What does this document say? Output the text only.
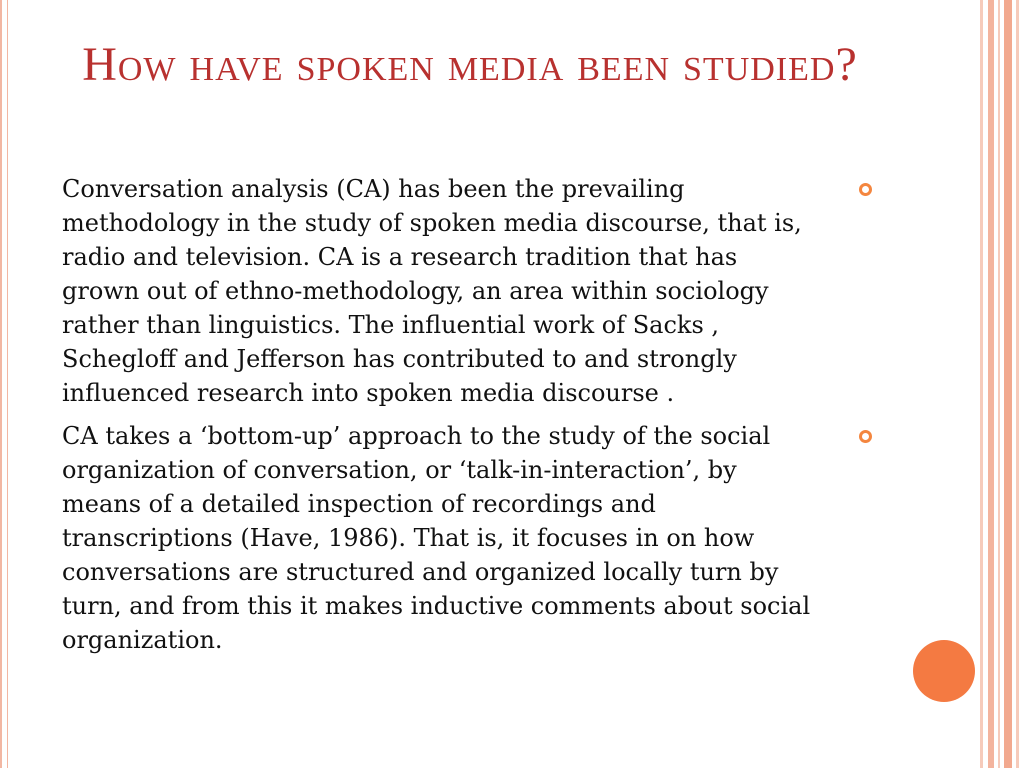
How have spoken media been studied?
Conversation analysis (CA) has been the prevailing methodology in the study of spoken media discourse, that is, radio and television. CA is a research tradition that has grown out of ethno-methodology, an area within sociology rather than linguistics. The influential work of Sacks , Schegloff and Jefferson has contributed to and strongly influenced research into spoken media discourse .
CA takes a ‘bottom-up’ approach to the study of the social organization of conversation, or ‘talk-in-interaction’, by means of a detailed inspection of recordings and transcriptions (Have, 1986). That is, it focuses in on how conversations are structured and organized locally turn by turn, and from this it makes inductive comments about social organization.
